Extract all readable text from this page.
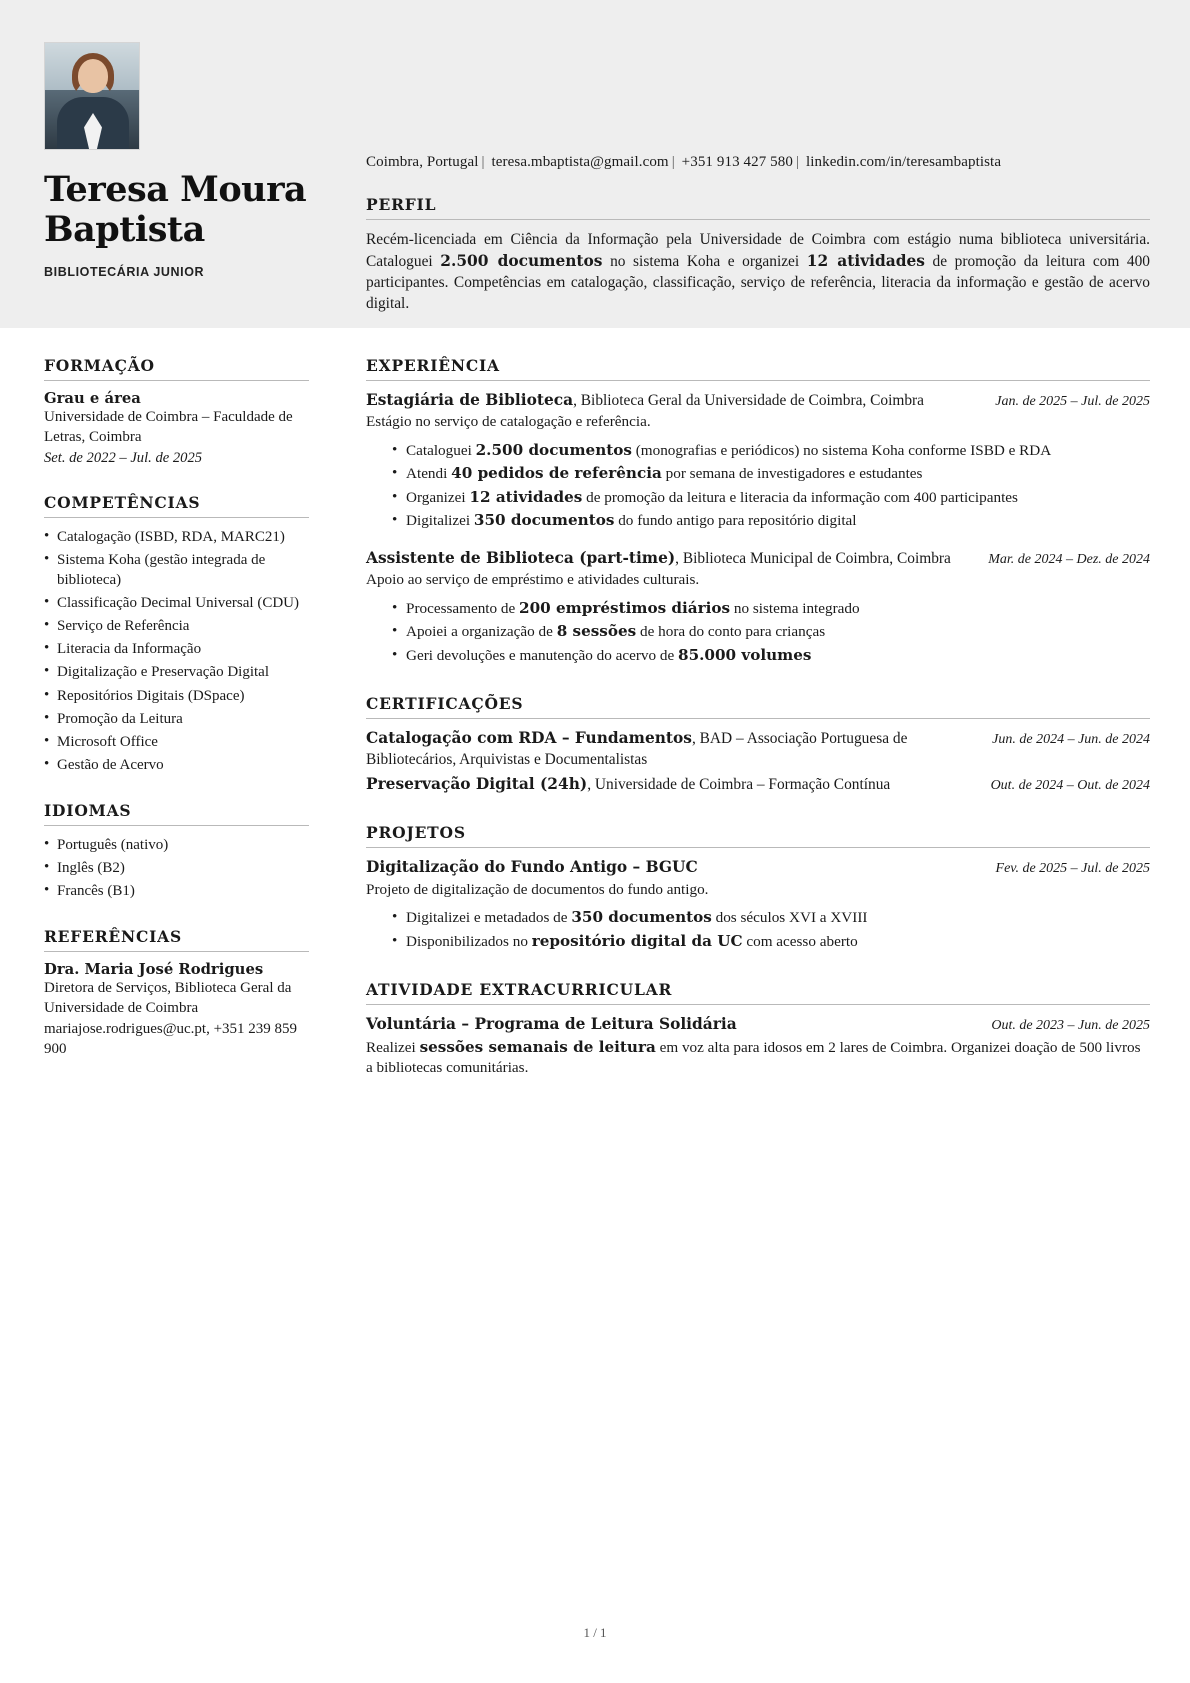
Teresa Moura Baptista
BIBLIOTECÁRIA JUNIOR
Coimbra, Portugal | teresa.mbaptista@gmail.com | +351 913 427 580 | linkedin.com/in/teresambaptista
PERFIL
Recém-licenciada em Ciência da Informação pela Universidade de Coimbra com estágio numa biblioteca universitária. Cataloguei 2.500 documentos no sistema Koha e organizei 12 atividades de promoção da leitura com 400 participantes. Competências em catalogação, classificação, serviço de referência, literacia da informação e gestão de acervo digital.
FORMAÇÃO
Grau e área
Universidade de Coimbra – Faculdade de Letras, Coimbra
Set. de 2022 – Jul. de 2025
COMPETÊNCIAS
• Catalogação (ISBD, RDA, MARC21)
• Sistema Koha (gestão integrada de biblioteca)
• Classificação Decimal Universal (CDU)
• Serviço de Referência
• Literacia da Informação
• Digitalização e Preservação Digital
• Repositórios Digitais (DSpace)
• Promoção da Leitura
• Microsoft Office
• Gestão de Acervo
IDIOMAS
• Português (nativo)
• Inglês (B2)
• Francês (B1)
REFERÊNCIAS
Dra. Maria José Rodrigues
Diretora de Serviços, Biblioteca Geral da Universidade de Coimbra
mariajose.rodrigues@uc.pt, +351 239 859 900
EXPERIÊNCIA
Estagiária de Biblioteca, Biblioteca Geral da Universidade de Coimbra, Coimbra	Jan. de 2025 – Jul. de 2025
Estágio no serviço de catalogação e referência.
• Cataloguei 2.500 documentos (monografias e periódicos) no sistema Koha conforme ISBD e RDA
• Atendi 40 pedidos de referência por semana de investigadores e estudantes
• Organizei 12 atividades de promoção da leitura e literacia da informação com 400 participantes
• Digitalizei 350 documentos do fundo antigo para repositório digital
Assistente de Biblioteca (part-time), Biblioteca Municipal de Coimbra, Coimbra	Mar. de 2024 – Dez. de 2024
Apoio ao serviço de empréstimo e atividades culturais.
• Processamento de 200 empréstimos diários no sistema integrado
• Apoiei a organização de 8 sessões de hora do conto para crianças
• Geri devoluções e manutenção do acervo de 85.000 volumes
CERTIFICAÇÕES
Catalogação com RDA – Fundamentos, BAD – Associação Portuguesa de Bibliotecários, Arquivistas e Documentalistas
Jun. de 2024 – Jun. de 2024
Preservação Digital (24h), Universidade de Coimbra – Formação Contínua	Out. de 2024 – Out. de 2024
PROJETOS
Digitalização do Fundo Antigo – BGUC	Fev. de 2025 – Jul. de 2025
Projeto de digitalização de documentos do fundo antigo.
• Digitalizei e metadados de 350 documentos dos séculos XVI a XVIII
• Disponibilizados no repositório digital da UC com acesso aberto
ATIVIDADE EXTRACURRICULAR
Voluntária – Programa de Leitura Solidária	Out. de 2023 – Jun. de 2025
Realizei sessões semanais de leitura em voz alta para idosos em 2 lares de Coimbra. Organizei doação de 500 livros a bibliotecas comunitárias.
1 / 1
